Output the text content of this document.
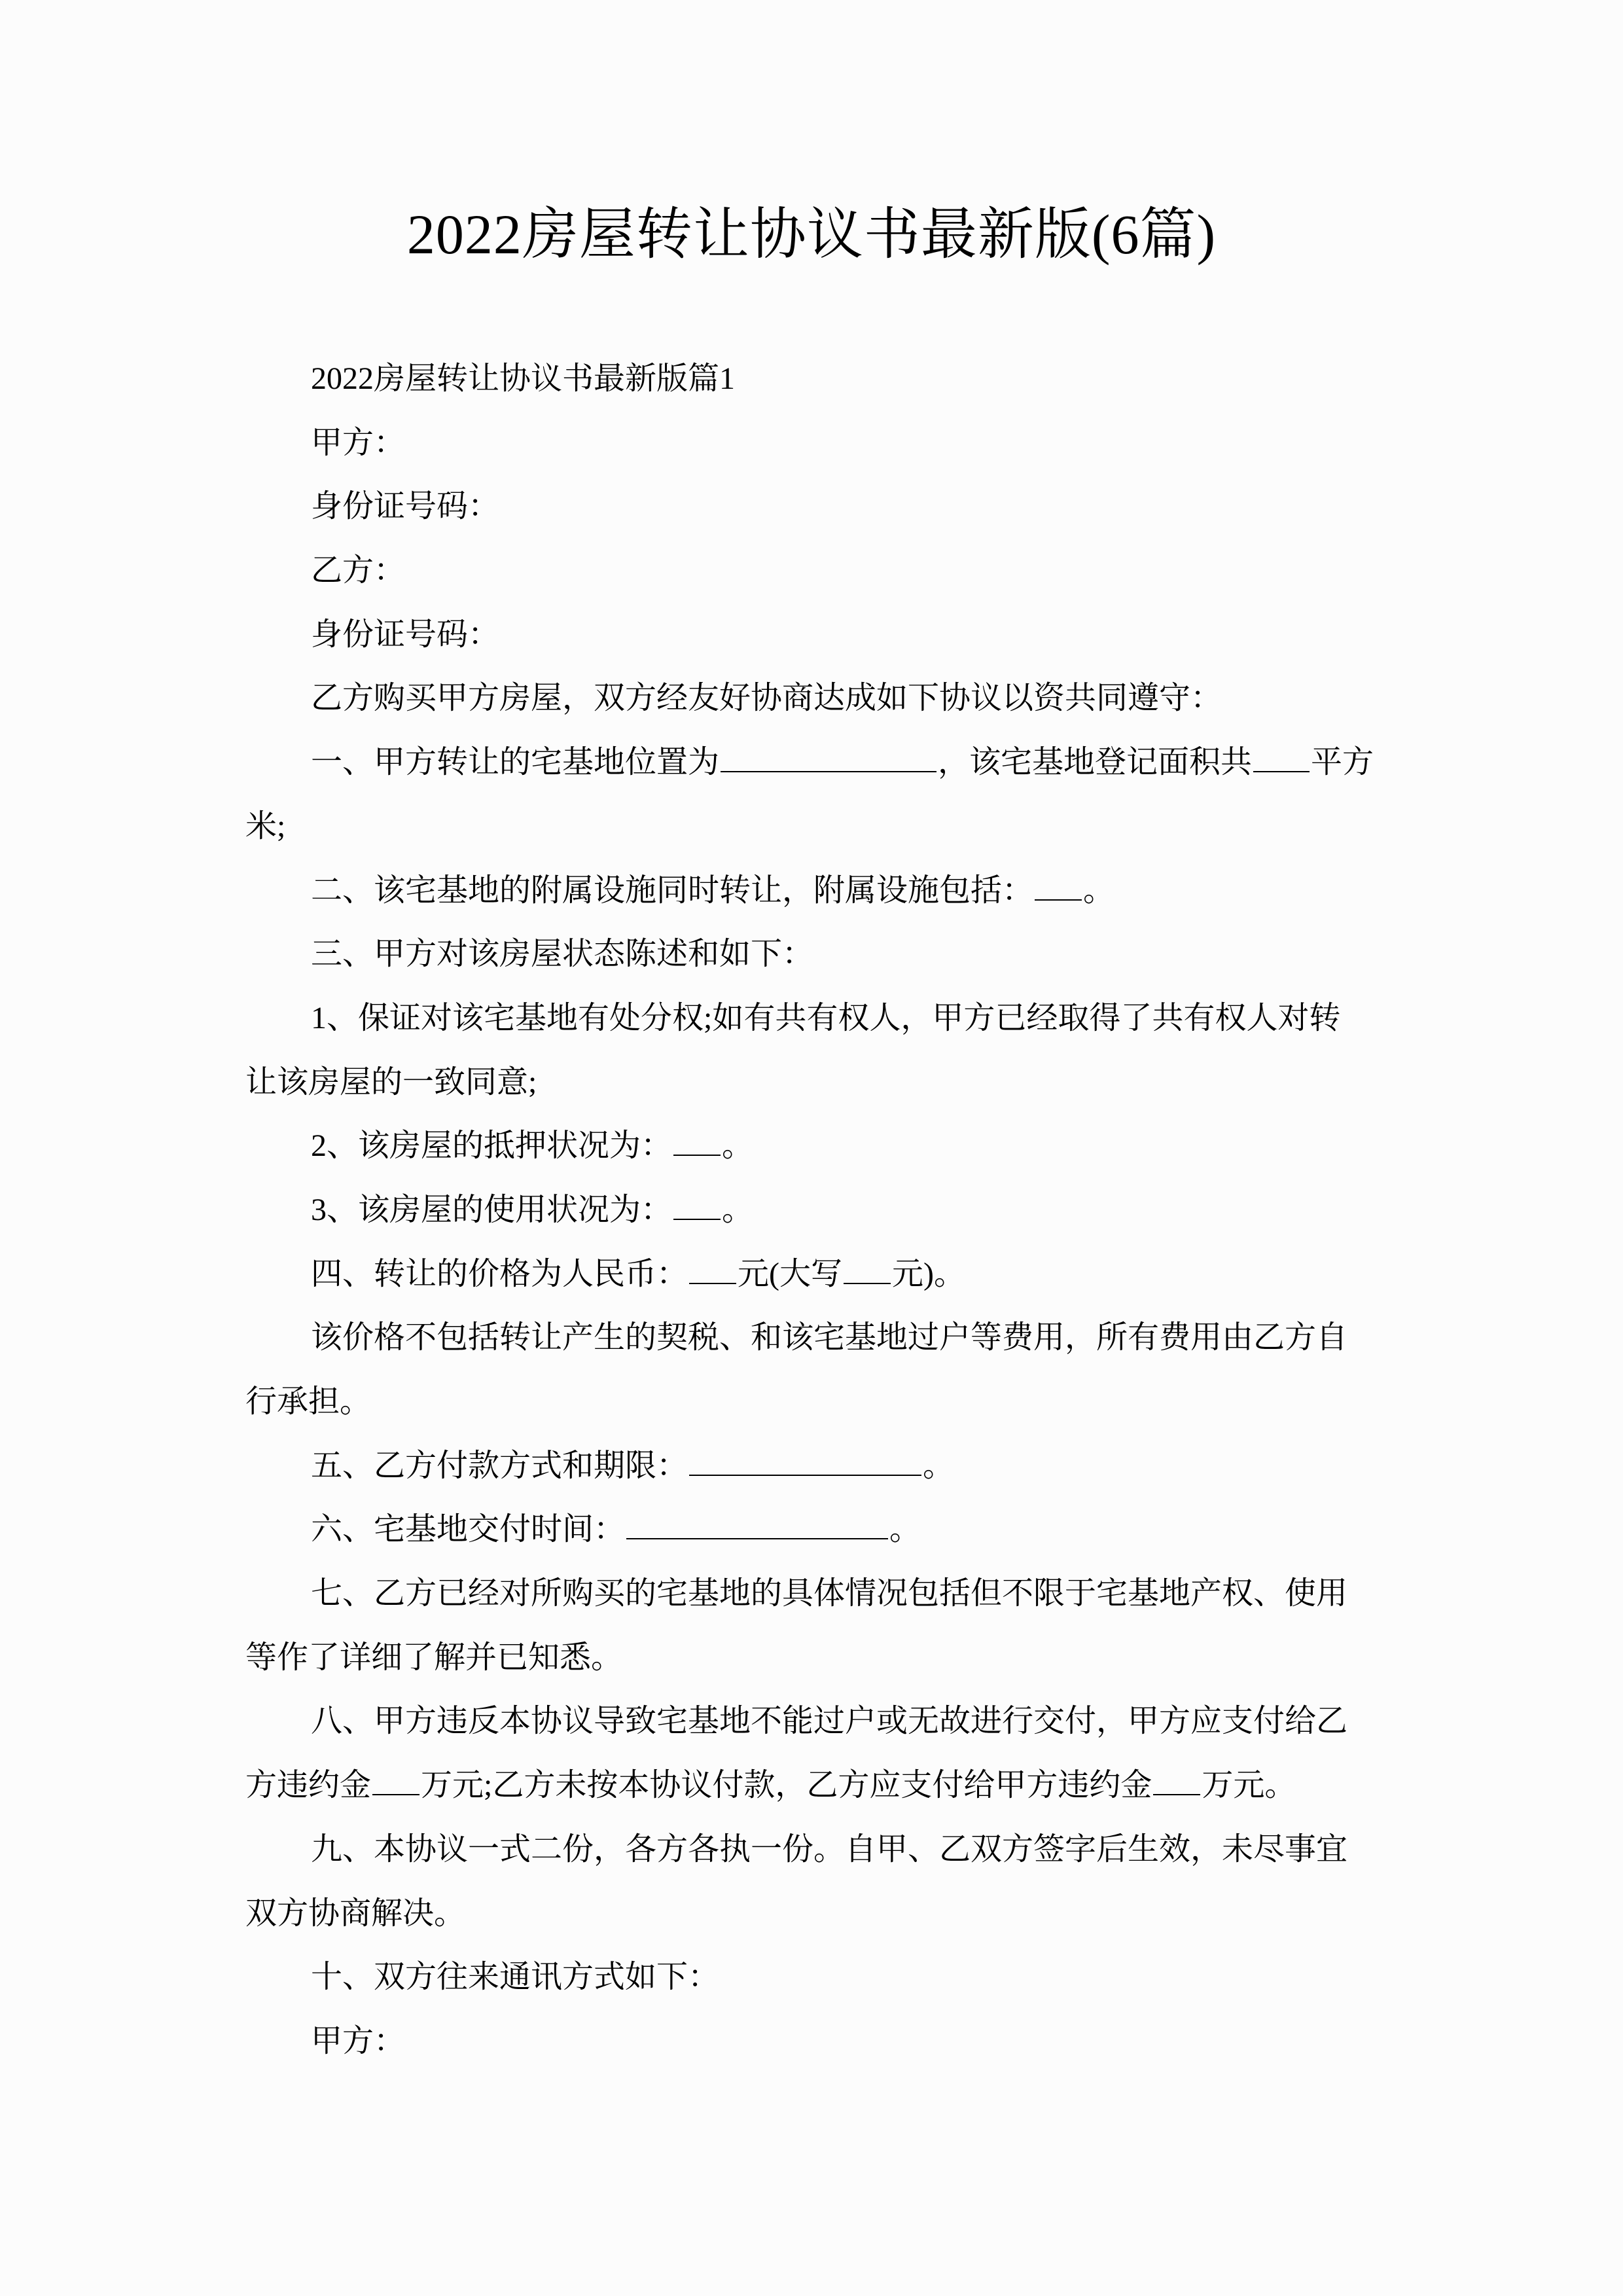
2022房屋转让协议书最新版(6篇)
2022房屋转让协议书最新版篇1
甲方：
身份证号码：
乙方：
身份证号码：
乙方购买甲方房屋，双方经友好协商达成如下协议以资共同遵守：
一、甲方转让的宅基地位置为	，该宅基地登记面积共 平方
米;
二、该宅基地的附属设施同时转让，附属设施包括： 。
三、甲方对该房屋状态陈述和如下：
1、保证对该宅基地有处分权;如有共有权人，甲方已经取得了共有权人对转
让该房屋的一致同意;
2、该房屋的抵押状况为： 。
3、该房屋的使用状况为： 。
四、转让的价格为人民币： 元(大写 元)。
该价格不包括转让产生的契税、和该宅基地过户等费用，所有费用由乙方自
行承担。
五、乙方付款方式和期限：	。
六、宅基地交付时间：	。
七、乙方已经对所购买的宅基地的具体情况包括但不限于宅基地产权、使用
等作了详细了解并已知悉。
八、甲方违反本协议导致宅基地不能过户或无故进行交付，甲方应支付给乙
方违约金 万元;乙方未按本协议付款，乙方应支付给甲方违约金 万元。
九、本协议一式二份，各方各执一份。自甲、乙双方签字后生效，未尽事宜
双方协商解决。
十、双方往来通讯方式如下：
甲方：
